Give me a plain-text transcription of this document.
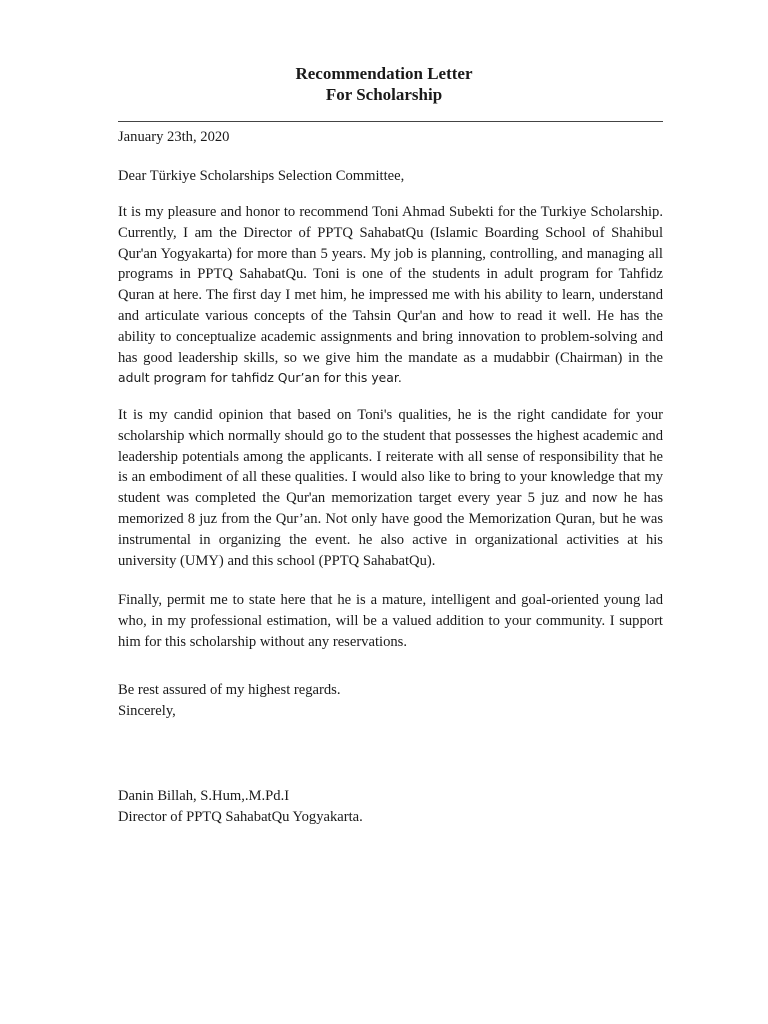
Recommendation Letter
For Scholarship
January 23th, 2020
Dear Türkiye Scholarships Selection Committee,
It is my pleasure and honor to recommend Toni Ahmad Subekti for the Turkiye Scholarship. Currently, I am the Director of PPTQ SahabatQu (Islamic Boarding School of Shahibul Qur'an Yogyakarta) for more than 5 years. My job is planning, controlling, and managing all programs in PPTQ SahabatQu. Toni is one of the students in adult program for Tahfidz Quran at here. The first day I met him, he impressed me with his ability to learn, understand and articulate various concepts of the Tahsin Qur'an and how to read it well. He has the ability to conceptualize academic assignments and bring innovation to problem-solving and has good leadership skills, so we give him the mandate as a mudabbir (Chairman) in the adult program for tahfidz Qur’an for this year.
It is my candid opinion that based on Toni's qualities, he is the right candidate for your scholarship which normally should go to the student that possesses the highest academic and leadership potentials among the applicants. I reiterate with all sense of responsibility that he is an embodiment of all these qualities. I would also like to bring to your knowledge that my student was completed the Qur'an memorization target every year 5 juz and now he has memorized 8 juz from the Qur’an. Not only have good the Memorization Quran, but he was instrumental in organizing the event. he also active in organizational activities at his university (UMY) and this school (PPTQ SahabatQu).
Finally, permit me to state here that he is a mature, intelligent and goal-oriented young lad who, in my professional estimation, will be a valued addition to your community. I support him for this scholarship without any reservations.
Be rest assured of my highest regards.
Sincerely,
Danin Billah, S.Hum,.M.Pd.I
Director of PPTQ SahabatQu Yogyakarta.
